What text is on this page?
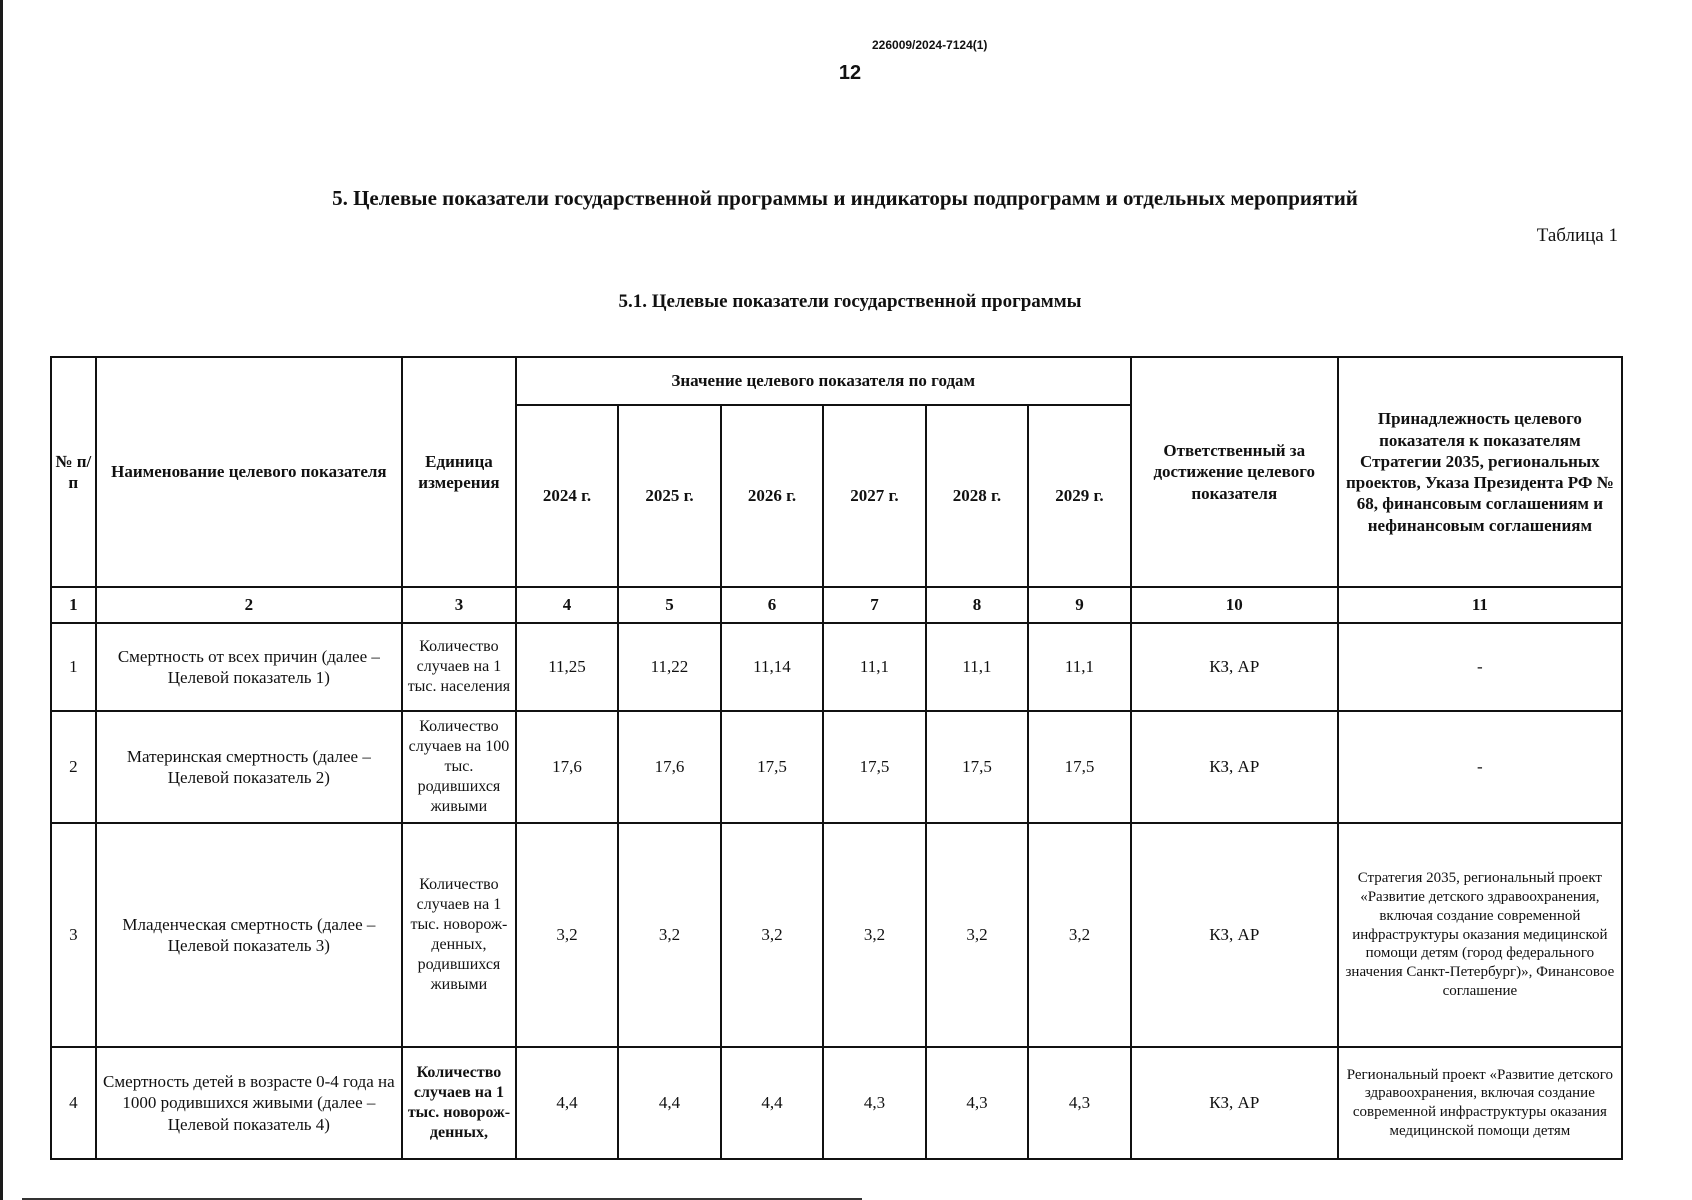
226009/2024-7124(1)
12
5. Целевые показатели государственной программы и индикаторы подпрограмм и отдельных мероприятий
Таблица 1
5.1. Целевые показатели государственной программы
№ п/п	Наименование целевого показателя	Единица измерения	Значение целевого показателя по годам						Ответственный за достижение целевого показателя	Принадлежность целевого показателя к показателям Стратегии 2035, региональных проектов, Указа Президента РФ № 68, финансовым соглашениям и нефинансовым соглашениям
			2024 г.	2025 г.	2026 г.	2027 г.	2028 г.	2029 г.		
1	2	3	4	5	6	7	8	9	10	11
1	Смертность от всех причин (далее – Целевой показатель 1)	Количество случаев на 1 тыс. населения	11,25	11,22	11,14	11,1	11,1	11,1	КЗ, АР	-
2	Материнская смертность (далее – Целевой показатель 2)	Количество случаев на 100 тыс. родившихся живыми	17,6	17,6	17,5	17,5	17,5	17,5	КЗ, АР	-
3	Младенческая смертность (далее – Целевой показатель 3)	Количество случаев на 1 тыс. новорож-денных, родившихся живыми	3,2	3,2	3,2	3,2	3,2	3,2	КЗ, АР	Стратегия 2035, региональный проект «Развитие детского здравоохранения, включая создание современной инфраструктуры оказания медицинской помощи детям (город федерального значения Санкт-Петербург)», Финансовое соглашение
4	Смертность детей в возрасте 0-4 года на 1000 родившихся живыми (далее – Целевой показатель 4)	Количество случаев на 1 тыс. новорож-денных,	4,4	4,4	4,4	4,3	4,3	4,3	КЗ, АР	Региональный проект «Развитие детского здравоохранения, включая создание современной инфраструктуры оказания медицинской помощи детям
